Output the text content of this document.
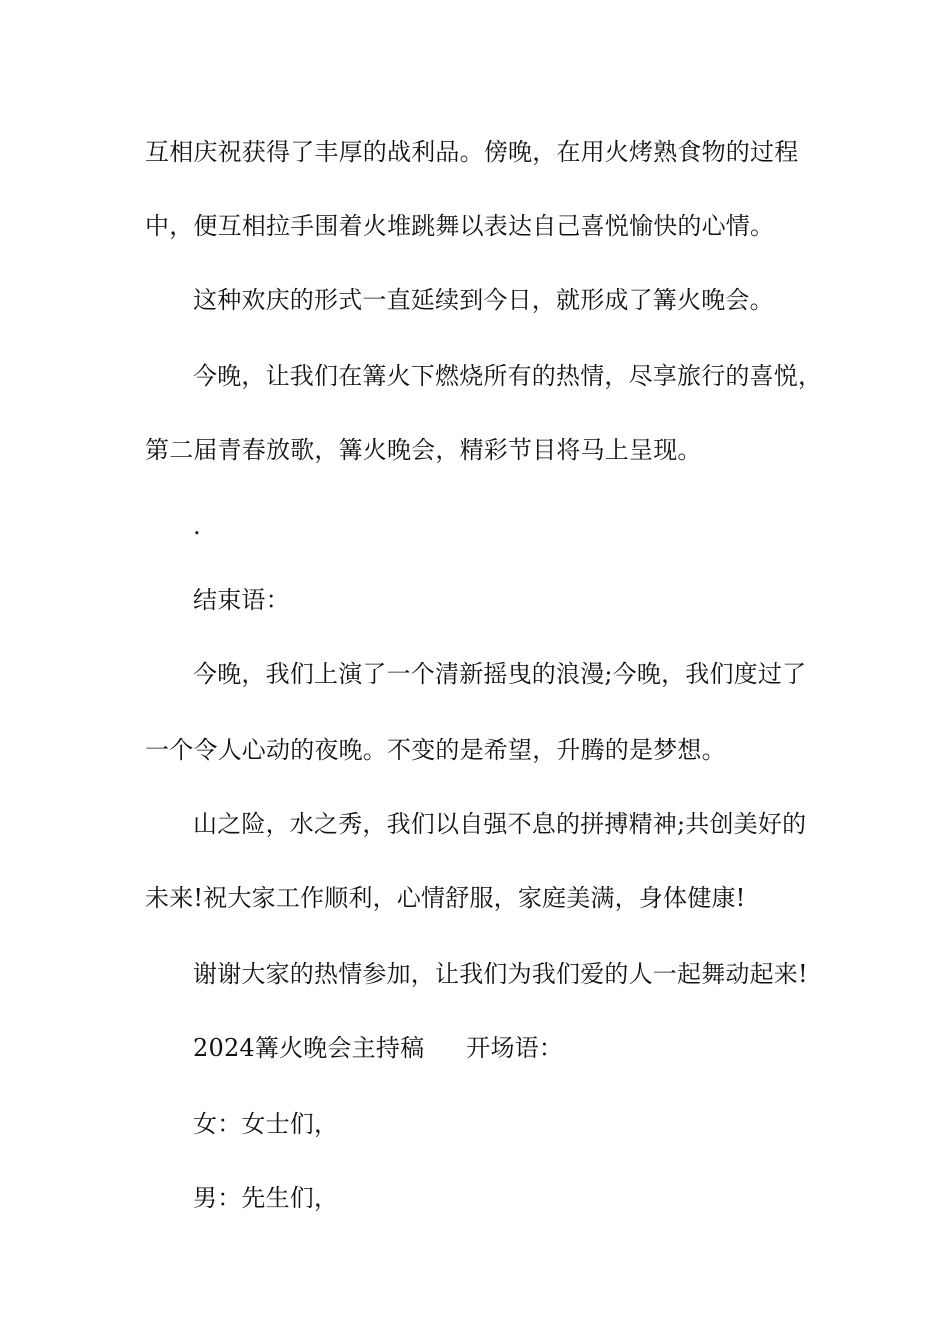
互相庆祝获得了丰厚的战利品。傍晚，在用火烤熟食物的过程
中，便互相拉手围着火堆跳舞以表达自己喜悦愉快的心情。
这种欢庆的形式一直延续到今日，就形成了篝火晚会。
今晚，让我们在篝火下燃烧所有的热情，尽享旅行的喜悦，
第二届青春放歌，篝火晚会，精彩节目将马上呈现。
.
结束语：
今晚，我们上演了一个清新摇曳的浪漫;今晚，我们度过了
一个令人心动的夜晚。不变的是希望，升腾的是梦想。
山之险，水之秀，我们以自强不息的拼搏精神;共创美好的
未来!祝大家工作顺利，心情舒服，家庭美满，身体健康!
谢谢大家的热情参加，让我们为我们爱的人一起舞动起来!
2024篝火晚会主持稿 开场语：
女：女士们，
男：先生们，
